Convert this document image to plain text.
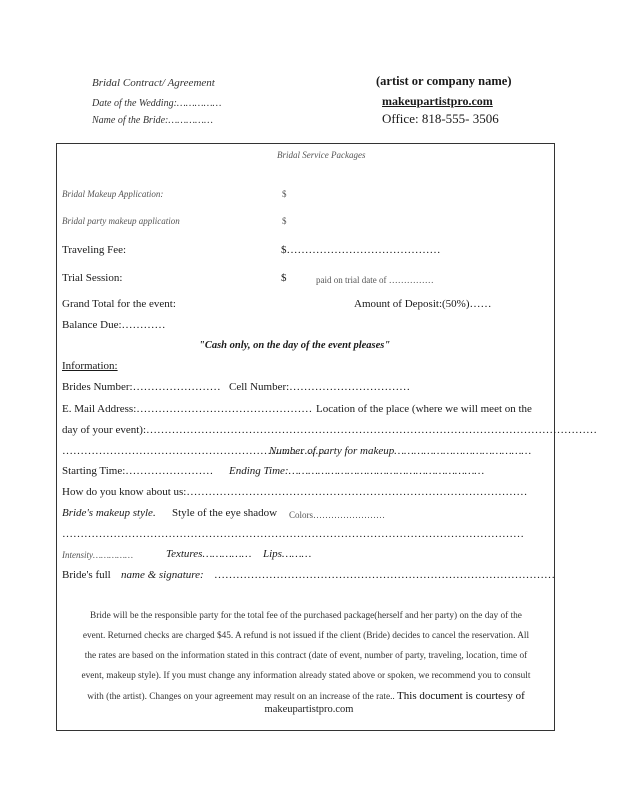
Bridal Contract/ Agreement
Date of the Wedding:……………
Name of the Bride:……………
(artist or company name)
makeupartistpro.com
Office: 818-555- 3506
Bridal Service Packages
Bridal Makeup Application:	$
Bridal party makeup application	$
Traveling Fee:	$……………………………………
Trial Session:	$	paid on trial date of ……………
Grand Total for the event:	Amount of Deposit:(50%)……
Balance Due:…………
"Cash only, on the day of the event pleases"
Information:
Brides Number:…………………… Cell Number:……………………………
E. Mail Address:………………………………………… Location of the place (where we will meet on the
day of your event):……………………………………………………………………………………………………………
………………………………………………………………
Number of party for makeup……………………………………
Starting Time:…………………… Ending Time:……………………………………………………
How do you know about us:…………………………………………………………………………………
Bride's makeup style. Style of the eye shadow Colors……………………
………………………………………………………………………………………………………………
Intensity……………	Textures…………… Lips………
Bride's full name & signature: …………………………………………………………………………………
Bride will be the responsible party for the total fee of the purchased package(herself and her party) on the day of the
event. Returned checks are charged $45. A refund is not issued if the client (Bride) decides to cancel the reservation. All
the rates are based on the information stated in this contract (date of event, number of party, traveling, location, time of
event, makeup style). If you must change any information already stated above or spoken, we recommend you to consult
with (the artist). Changes on your agreement may result on an increase of the rate.. This document is courtesy of
makeupartistpro.com
